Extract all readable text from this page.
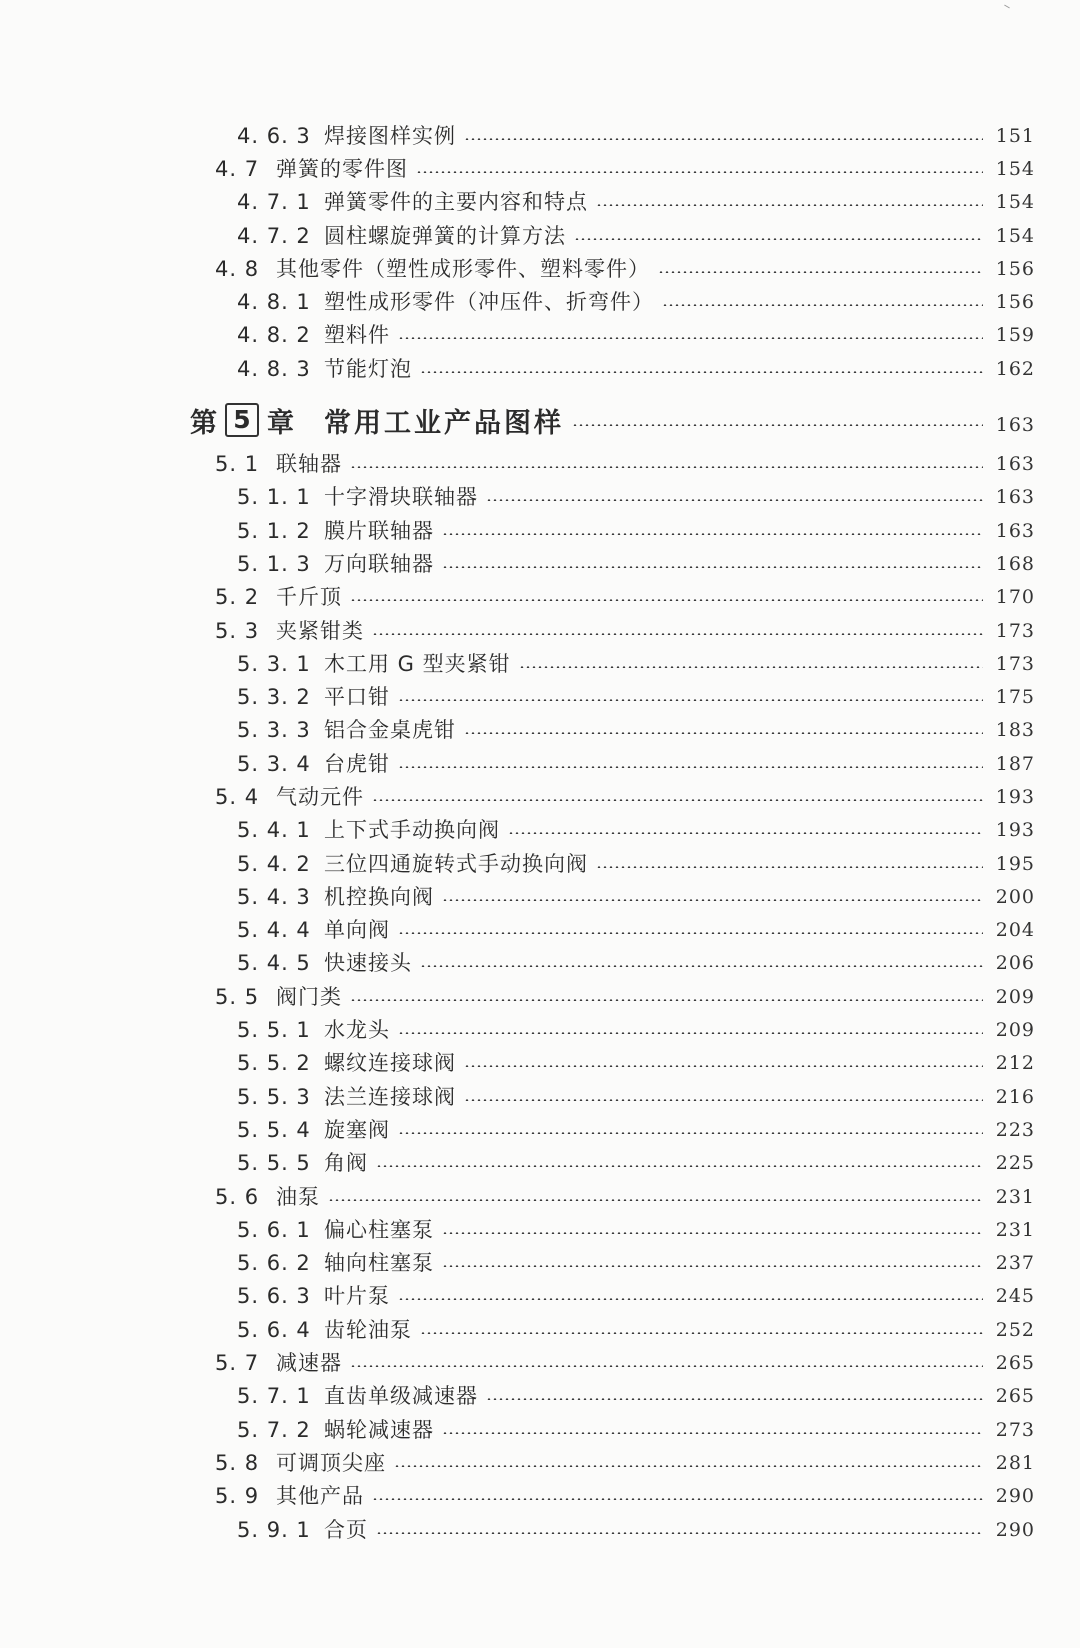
4. 6. 3 焊接图样实例	151
4. 7 弹簧的零件图	154
4. 7. 1 弹簧零件的主要内容和特点	154
4. 7. 2 圆柱螺旋弹簧的计算方法	154
4. 8 其他零件（塑性成形零件、塑料零件）	156
4. 8. 1 塑性成形零件（冲压件、折弯件）	156
4. 8. 2 塑料件	159
4. 8. 3 节能灯泡	162
第 5 章 常用工业产品图样	163
5. 1 联轴器	163
5. 1. 1 十字滑块联轴器	163
5. 1. 2 膜片联轴器	163
5. 1. 3 万向联轴器	168
5. 2 千斤顶	170
5. 3 夹紧钳类	173
5. 3. 1 木工用 G 型夹紧钳	173
5. 3. 2 平口钳	175
5. 3. 3 铝合金桌虎钳	183
5. 3. 4 台虎钳	187
5. 4 气动元件	193
5. 4. 1 上下式手动换向阀	193
5. 4. 2 三位四通旋转式手动换向阀	195
5. 4. 3 机控换向阀	200
5. 4. 4 单向阀	204
5. 4. 5 快速接头	206
5. 5 阀门类	209
5. 5. 1 水龙头	209
5. 5. 2 螺纹连接球阀	212
5. 5. 3 法兰连接球阀	216
5. 5. 4 旋塞阀	223
5. 5. 5 角阀	225
5. 6 油泵	231
5. 6. 1 偏心柱塞泵	231
5. 6. 2 轴向柱塞泵	237
5. 6. 3 叶片泵	245
5. 6. 4 齿轮油泵	252
5. 7 减速器	265
5. 7. 1 直齿单级减速器	265
5. 7. 2 蜗轮减速器	273
5. 8 可调顶尖座	281
5. 9 其他产品	290
5. 9. 1 合页	290
